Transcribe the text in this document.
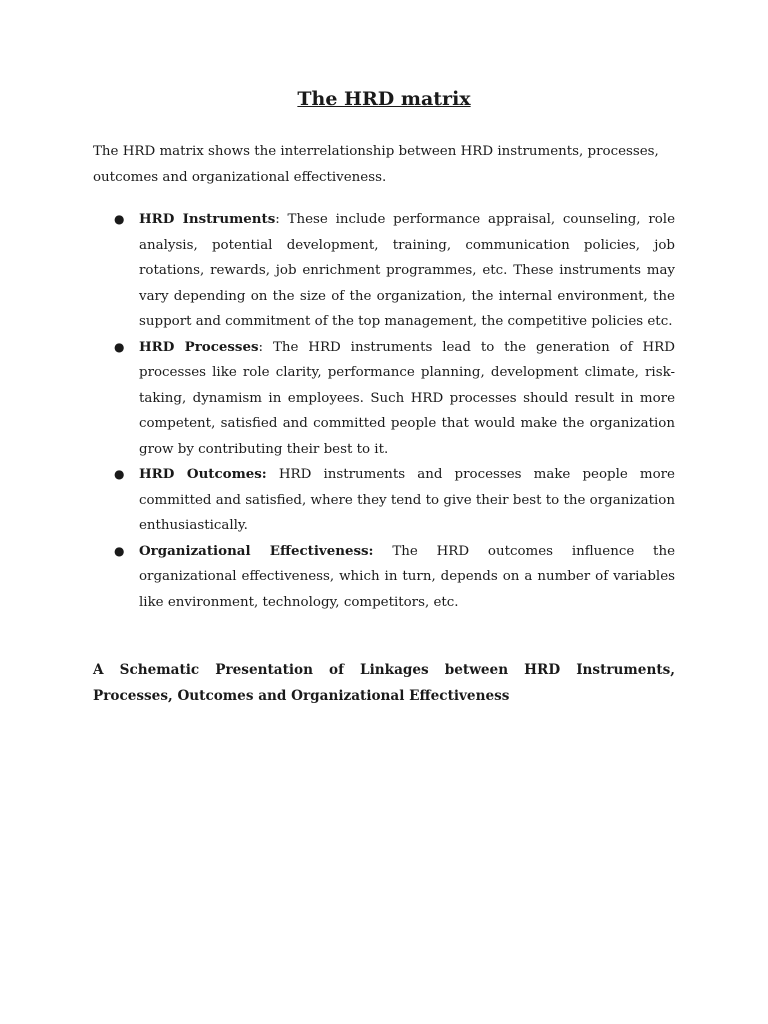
The HRD matrix

The HRD matrix shows the interrelationship between HRD instruments, processes, outcomes and organizational effectiveness.

● HRD Instruments: These include performance appraisal, counseling, role analysis, potential development, training, communication policies, job rotations, rewards, job enrichment programmes, etc. These instruments may vary depending on the size of the organization, the internal environment, the support and commitment of the top management, the competitive policies etc.
● HRD Processes: The HRD instruments lead to the generation of HRD processes like role clarity, performance planning, development climate, risk-taking, dynamism in employees. Such HRD processes should result in more competent, satisfied and committed people that would make the organization grow by contributing their best to it.
● HRD Outcomes: HRD instruments and processes make people more committed and satisfied, where they tend to give their best to the organization enthusiastically.
● Organizational Effectiveness: The HRD outcomes influence the organizational effectiveness, which in turn, depends on a number of variables like environment, technology, competitors, etc.
A Schematic Presentation of Linkages between HRD Instruments, Processes, Outcomes and Organizational Effectiveness
